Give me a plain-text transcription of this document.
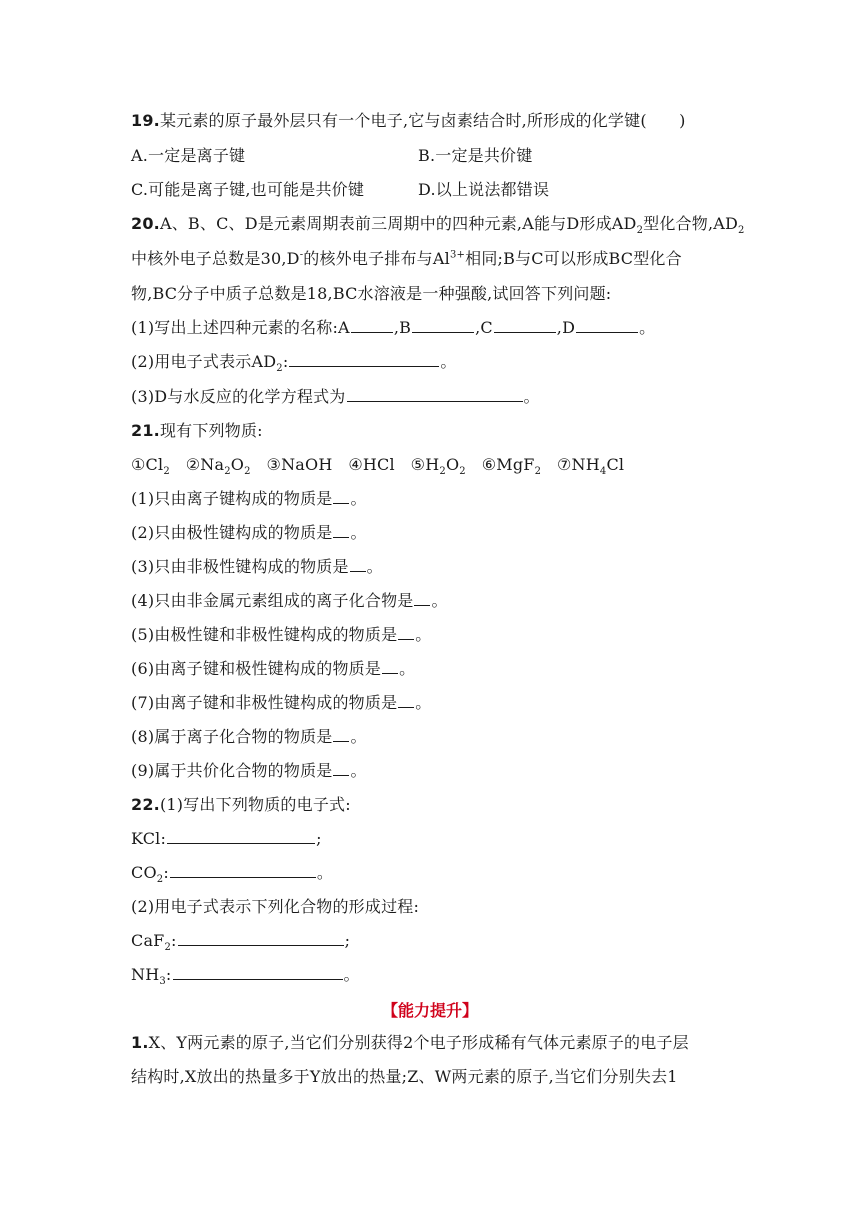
19.某元素的原子最外层只有一个电子,它与卤素结合时,所形成的化学键(　　)
A.一定是离子键	B.一定是共价键
C.可能是离子键,也可能是共价键	D.以上说法都错误
20.A、B、C、D是元素周期表前三周期中的四种元素,A能与D形成$AD_2$型化合物$,AD_2$
中核外电子总数是30,D-的核外电子排布与$Al^{3+}$相同;B与C可以形成BC型化合
物,BC分子中质子总数是18,BC水溶液是一种强酸,试回答下列问题:
(1)写出上述四种元素的名称:A	,B	,C	,D	。
(2)用电子式表示$AD_2$:	。
(3)D与水反应的化学方程式为	。
21.现有下列物质:
$①Cl_2$ $②Na_2O_2$ ③NaOH ④HCl $⑤H_2O_2$ ⑥MgF$_2$ $⑦NH_4Cl$
(1)只由离子键构成的物质是 。
(2)只由极性键构成的物质是 。
(3)只由非极性键构成的物质是 。
(4)只由非金属元素组成的离子化合物是 。
(5)由极性键和非极性键构成的物质是 。
(6)由离子键和极性键构成的物质是 。
(7)由离子键和非极性键构成的物质是 。
(8)属于离子化合物的物质是 。
(9)属于共价化合物的物质是 。
22.(1)写出下列物质的电子式:
KCl:	;
$CO_2$:	。
(2)用电子式表示下列化合物的形成过程:
CaF$_2$:	;
$NH_3$:	。
【能力提升】
1.X、Y两元素的原子,当它们分别获得2个电子形成稀有气体元素原子的电子层
结构时,X放出的热量多于Y放出的热量;Z、W两元素的原子,当它们分别失去1
